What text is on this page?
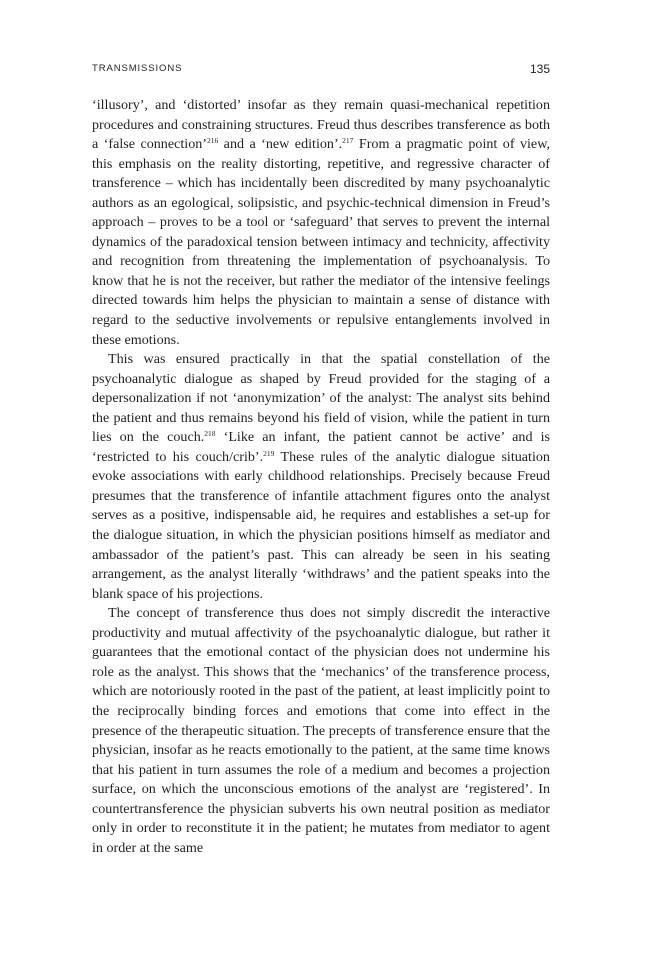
TRANSMISSIONS	135

‘illusory’, and ‘distorted’ insofar as they remain quasi-mechanical repetition procedures and constraining structures. Freud thus describes transference as both a ‘false connection’$^{216}$ and a ‘new edition’.$^{217}$ From a pragmatic point of view, this emphasis on the reality distorting, repetitive, and regressive character of transference – which has incidentally been discredited by many psychoanalytic authors as an egological, solipsistic, and psychic-technical dimension in Freud’s approach – proves to be a tool or ‘safeguard’ that serves to prevent the internal dynamics of the paradoxical tension between intimacy and technicity, affectivity and recognition from threatening the implementation of psychoanalysis. To know that he is not the receiver, but rather the mediator of the intensive feelings directed towards him helps the physician to maintain a sense of distance with regard to the seductive involvements or repulsive entanglements involved in these emotions.

This was ensured practically in that the spatial constellation of the psychoanalytic dialogue as shaped by Freud provided for the staging of a depersonalization if not ‘anonymization’ of the analyst: The analyst sits behind the patient and thus remains beyond his field of vision, while the patient in turn lies on the couch.$^{218}$ ‘Like an infant, the patient cannot be active’ and is ‘restricted to his couch/crib’.$^{219}$ These rules of the analytic dialogue situation evoke associations with early childhood relationships. Precisely because Freud presumes that the transference of infantile attachment figures onto the analyst serves as a positive, indispensable aid, he requires and establishes a set-up for the dialogue situation, in which the physician positions himself as mediator and ambassador of the patient’s past. This can already be seen in his seating arrangement, as the analyst literally ‘withdraws’ and the patient speaks into the blank space of his projections.

The concept of transference thus does not simply discredit the interactive productivity and mutual affectivity of the psychoanalytic dialogue, but rather it guarantees that the emotional contact of the physician does not undermine his role as the analyst. This shows that the ‘mechanics’ of the transference process, which are notoriously rooted in the past of the patient, at least implicitly point to the reciprocally binding forces and emotions that come into effect in the presence of the therapeutic situation. The precepts of transference ensure that the physician, insofar as he reacts emotionally to the patient, at the same time knows that his patient in turn assumes the role of a medium and becomes a projection surface, on which the unconscious emotions of the analyst are ‘registered’. In countertransference the physician subverts his own neutral position as mediator only in order to reconstitute it in the patient; he mutates from mediator to agent in order at the same
